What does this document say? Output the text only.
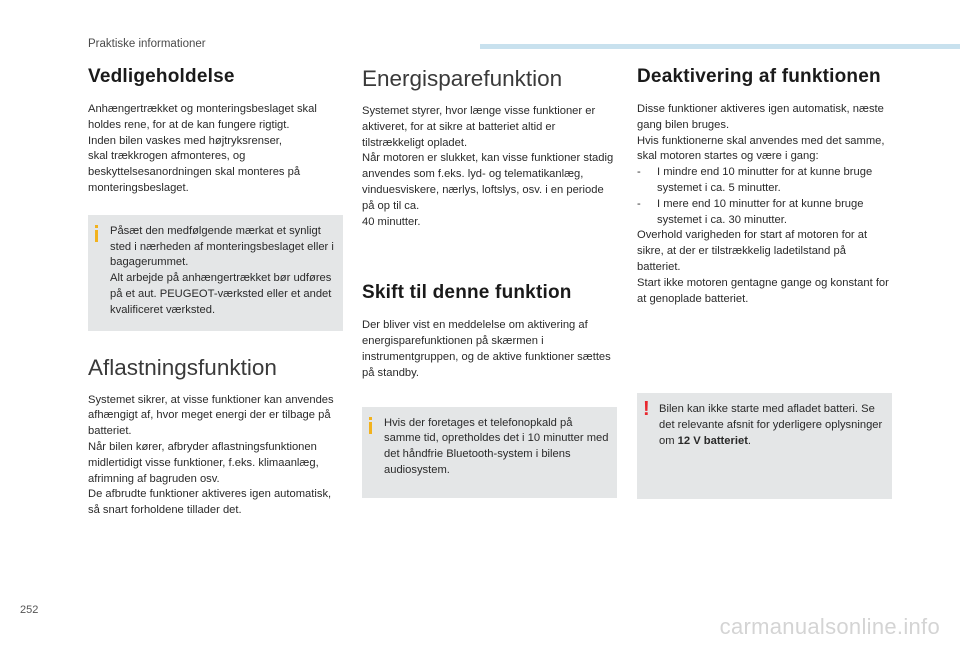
Praktiske informationer
Vedligeholdelse

Anhængertrækket og monteringsbeslaget skal holdes rene, for at de kan fungere rigtigt.
Inden bilen vaskes med højtryksrenser,
skal trækkrogen afmonteres, og beskyttelsesanordningen skal monteres på monteringsbeslaget.

Påsæt den medfølgende mærkat et synligt sted i nærheden af monteringsbeslaget eller i bagagerummet.
Alt arbejde på anhængertrækket bør udføres på et aut. PEUGEOT-værksted eller et andet kvalificeret værksted.
Aflastningsfunktion

Systemet sikrer, at visse funktioner kan anvendes afhængigt af, hvor meget energi der er tilbage på batteriet.
Når bilen kører, afbryder aflastningsfunktionen midlertidigt visse funktioner, f.eks. klimaanlæg, afrimning af bagruden osv.
De afbrudte funktioner aktiveres igen automatisk, så snart forholdene tillader det.

Energisparefunktion

Systemet styrer, hvor længe visse funktioner er aktiveret, for at sikre at batteriet altid er tilstrækkeligt opladet.
Når motoren er slukket, kan visse funktioner stadig anvendes som f.eks. lyd- og telematikanlæg, vinduesviskere, nærlys, loftslys, osv. i en periode på op til ca.
40 minutter.

Skift til denne funktion

Der bliver vist en meddelelse om aktivering af energisparefunktionen på skærmen i instrumentgruppen, og de aktive funktioner sættes på standby.

Hvis der foretages et telefonopkald på samme tid, opretholdes det i 10 minutter med det håndfrie Bluetooth-system i bilens audiosystem.
Deaktivering af funktionen

Disse funktioner aktiveres igen automatisk, næste gang bilen bruges.
Hvis funktionerne skal anvendes med det samme, skal motoren startes og være i gang:

- I mindre end 10 minutter for at kunne bruge systemet i ca. 5 minutter.
- I mere end 10 minutter for at kunne bruge systemet i ca. 30 minutter.

Overhold varigheden for start af motoren for at sikre, at der er tilstrækkelig ladetilstand på batteriet.
Start ikke motoren gentagne gange og konstant for at genoplade batteriet.

! Bilen kan ikke starte med afladet batteri. Se det relevante afsnit for yderligere oplysninger om 12 V batteriet.
252
carmanualsonline.info
